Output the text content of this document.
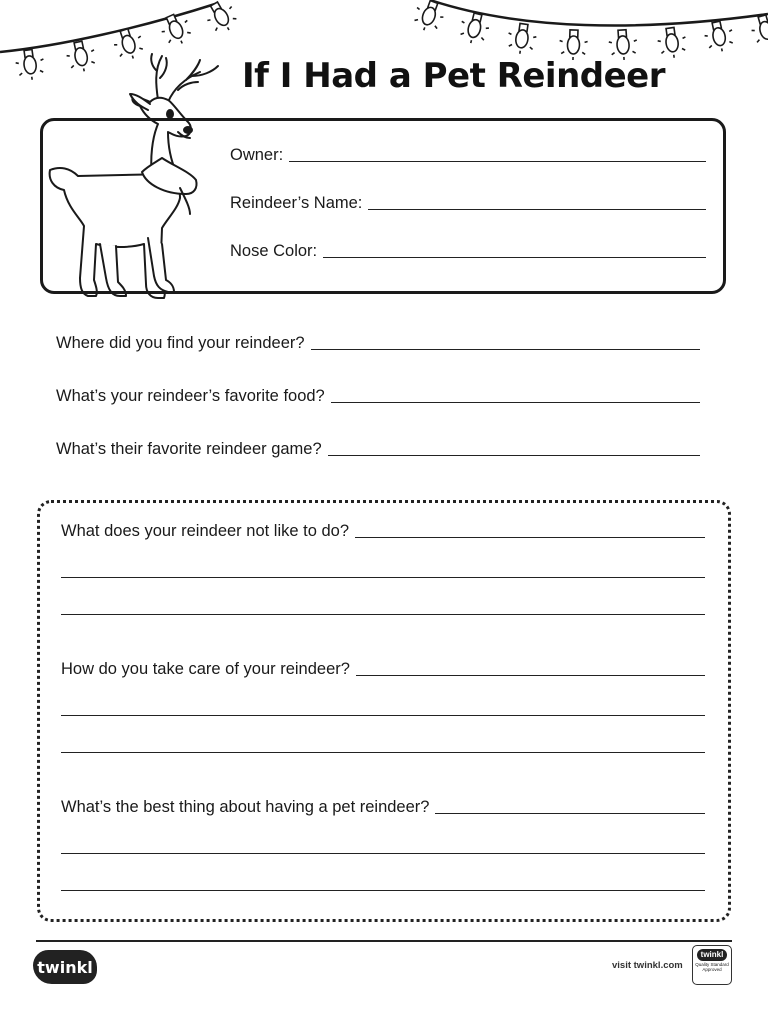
If I Had a Pet Reindeer
Owner:
Reindeer’s Name:
Nose Color:
Where did you find your reindeer?
What’s your reindeer’s favorite food?
What’s their favorite reindeer game?
What does your reindeer not like to do?
How do you take care of your reindeer?
What’s the best thing about having a pet reindeer?
twinkl	visit twinkl.com
twinkl
Quality Standard
Approved
